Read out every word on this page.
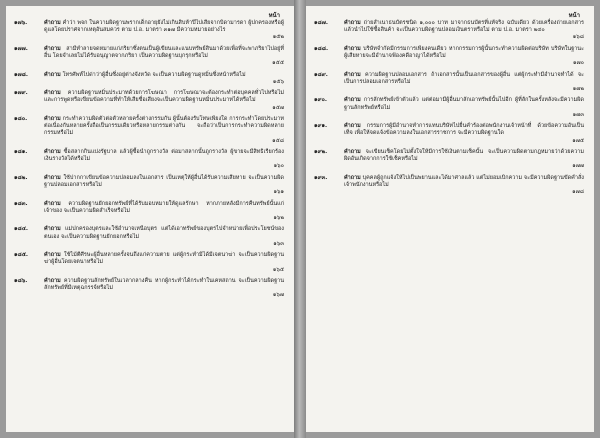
หน้า
๑๗๖.	คำถาม คำว่า พจก ในความผิดฐานพรากเด็กอายุยังไม่เกินสิบห้าปีไปเสียจากบิดามารดา ผู้ปกครองหรือผู้ดูแลโดยปราศจากเหตุอันสมควร ตาม ป.อ. มาตรา ๓๑๗ มีความหมายอย่างไร
๑๕๒
๑๗๗.	คำถาม สามีทำลายจดหมายแก่ภริยาซึ่งตนเป็นผู้เขียนและแนบทรัพย์สินมาด้วยเพื่อที่จะพาภริยาไปอยู่ที่อื่น โดยจำเลยไม่ได้รับอนุญาตจากภริยา เป็นความผิดฐานบุกรุกหรือไม่
๑๕๕
๑๗๘.	คำถาม โทรศัพท์ไปด่าว่าผู้อื่นซึ่งอยู่ต่างจังหวัด จะเป็นความผิดฐานดูหมิ่นซึ่งหน้าหรือไม่
๑๕๖
๑๗๙.	คำถาม ความผิดฐานหมิ่นประมาทด้วยการโฆษณา การโฆษณาจะต้องกระทำต่อบุคคลทั่วไปหรือไม่ และการพูดหรือเขียนข้อความที่ทำให้เสียชื่อเสียงจะเป็นความผิดฐานหมิ่นประมาทได้หรือไม่
๑๕๗
๑๘๐.	คำถาม กระทำความผิดตัวต่อตัวหลายครั้งต่างกรรมกัน ผู้นั้นต้องรับโทษเพียงใด การกระทำโดยประมาทต่อเนื่องกันหลายครั้งถือเป็นกรรมเดียวหรือหลายกรรมต่างกัน จะถือว่าเป็นการกระทำความผิดหลายกรรมหรือไม่
๑๕๘
๑๘๑.	คำถาม ซื้อสลากกินแบ่งรัฐบาล แล้วผู้ซื้อนำถูกรางวัล ต่อมาสลากนั้นถูกรางวัล ผู้ขายจะมีสิทธิเรียกร้องเงินรางวัลได้หรือไม่
๑๖๐
๑๘๒.	คำถาม ใช้ปากกาเขียนข้อความปลอมลงในเอกสาร เป็นเหตุให้ผู้อื่นได้รับความเสียหาย จะเป็นความผิดฐานปลอมเอกสารหรือไม่
๑๖๑
๑๘๓.	คำถาม ความผิดฐานยักยอกทรัพย์ที่ได้รับมอบหมายให้ดูแลรักษา หากภายหลังมีการคืนทรัพย์นั้นแก่เจ้าของ จะเป็นความผิดสำเร็จหรือไม่
๑๖๒
๑๘๔.	คำถาม แม่ปกครองบุตรและใช้อำนาจเหนือบุตร แต่ได้เอาทรัพย์ของบุตรไปจำหน่ายเพื่อประโยชน์ของตนเอง จะเป็นความผิดฐานยักยอกหรือไม่
๑๖๓
๑๘๕.	คำถาม ใช้ไม้ตีศีรษะผู้อื่นหลายครั้งจนถึงแก่ความตาย แต่ผู้กระทำมิได้มีเจตนาฆ่า จะเป็นความผิดฐานฆ่าผู้อื่นโดยเจตนาหรือไม่
๑๖๕
๑๘๖.	คำถาม ความผิดฐานลักทรัพย์ในเวลากลางคืน หากผู้กระทำได้กระทำในเคหสถาน จะเป็นความผิดฐานลักทรัพย์ที่มีเหตุฉกรรจ์หรือไม่
๑๖๗
หน้า
๑๘๗.	คำถาม ถ่ายสำเนาธนบัตรชนิด ๑,๐๐๐ บาท มาจากธนบัตรที่แท้จริง ฉบับเดียว ด้วยเครื่องถ่ายเอกสาร แล้วนำไปใช้ซื้อสินค้า จะเป็นความผิดฐานปลอมเงินตราหรือไม่ ตาม ป.อ. มาตรา ๒๔๐
๑๖๘
๑๘๘.	คำถาม บริษัทจำกัดมีกรรมการเพียงคนเดียว หากกรรมการผู้นั้นกระทำความผิดต่อบริษัท บริษัทในฐานะผู้เสียหายจะมีอำนาจฟ้องคดีอาญาได้หรือไม่
๑๗๐
๑๘๙.	คำถาม ความผิดฐานปลอมเอกสาร ถ้าเอกสารนั้นเป็นเอกสารของผู้อื่น แต่ผู้กระทำมีอำนาจทำได้ จะเป็นการปลอมเอกสารหรือไม่
๑๗๒
๑๙๐.	คำถาม การลักทรัพย์เข้าตัวแล้ว แต่ต่อมามีผู้อื่นมาลักเอาทรัพย์นั้นไปอีก ผู้ที่ลักในครั้งหลังจะมีความผิดฐานลักทรัพย์หรือไม่
๑๗๓
๑๙๑.	คำถาม กรรมการผู้มีอำนาจทำการแทนบริษัทไปยื่นคำร้องต่อพนักงานเจ้าหน้าที่ ด้วยข้อความอันเป็นเท็จ เพื่อให้จดแจ้งข้อความลงในเอกสารราชการ จะมีความผิดฐานใด
๑๗๕
๑๙๒.	คำถาม จะเขียนเช็คโดยไม่ตั้งใจให้มีการใช้เงินตามเช็คนั้น จะเป็นความผิดตามกฎหมายว่าด้วยความผิดอันเกิดจากการใช้เช็คหรือไม่
๑๗๗
๑๙๓.	คำถาม บุคคลผู้ถูกแจ้งให้ไปเป็นพยานและได้มาศาลแล้ว แต่ไม่ยอมเบิกความ จะมีความผิดฐานขัดคำสั่งเจ้าพนักงานหรือไม่
๑๗๘
